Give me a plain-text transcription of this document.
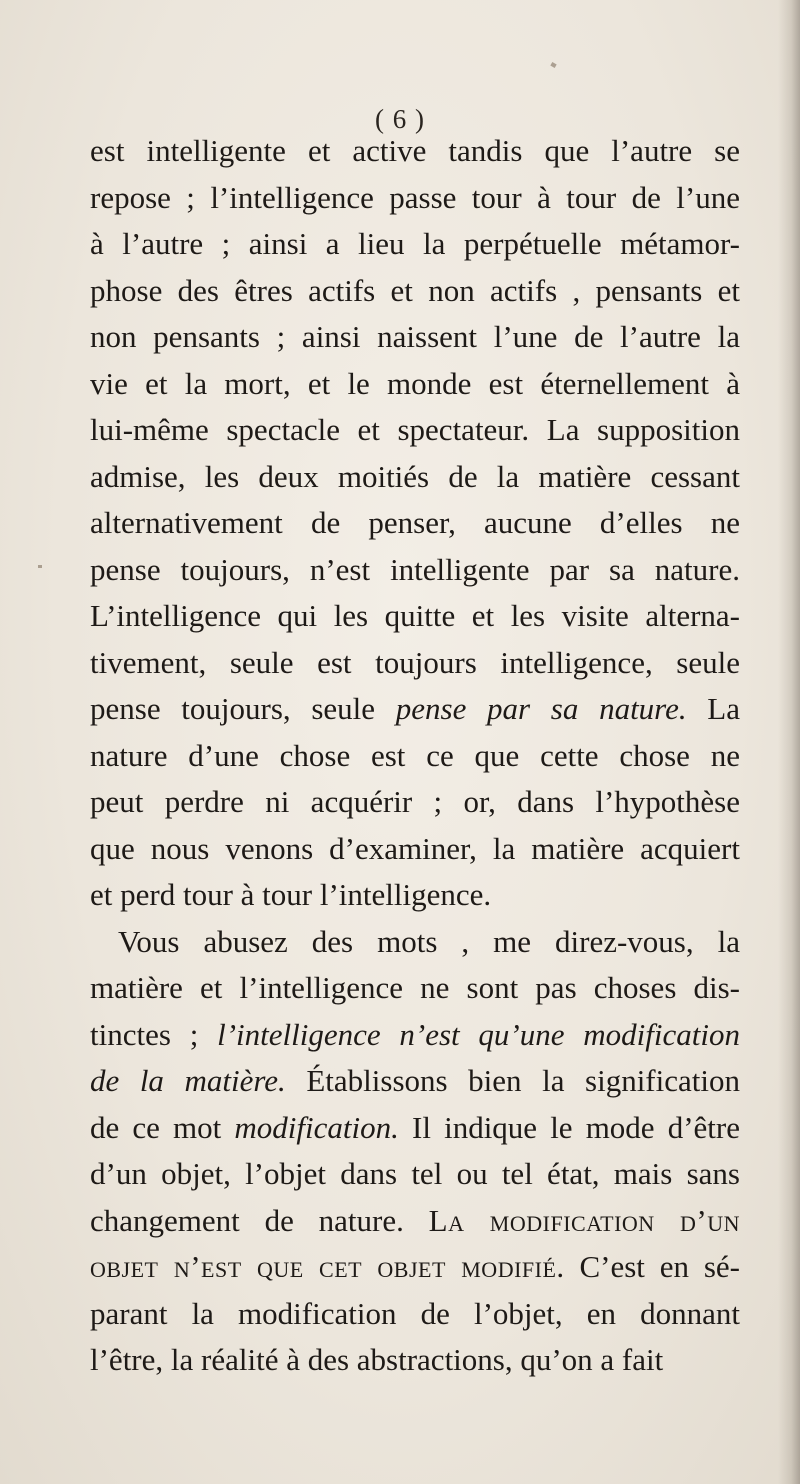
( 6 )
est intelligente et active tandis que l’autre se
repose ; l’intelligence passe tour à tour de l’une
à l’autre ; ainsi a lieu la perpétuelle métamor-
phose des êtres actifs et non actifs , pensants et
non pensants ; ainsi naissent l’une de l’autre la
vie et la mort, et le monde est éternellement à
lui-même spectacle et spectateur. La supposition
admise, les deux moitiés de la matière cessant
alternativement de penser, aucune d’elles ne
pense toujours, n’est intelligente par sa nature.
L’intelligence qui les quitte et les visite alterna-
tivement, seule est toujours intelligence, seule
pense toujours, seule pense par sa nature. La
nature d’une chose est ce que cette chose ne
peut perdre ni acquérir ; or, dans l’hypothèse
que nous venons d’examiner, la matière acquiert
et perd tour à tour l’intelligence.
Vous abusez des mots , me direz-vous, la
matière et l’intelligence ne sont pas choses dis-
tinctes ; l’intelligence n’est qu’une modification
de la matière. Établissons bien la signification
de ce mot modification. Il indique le mode d’être
d’un objet, l’objet dans tel ou tel état, mais sans
changement de nature. La modification d’un
objet n’est que cet objet modifié. C’est en sé-
parant la modification de l’objet, en donnant
l’être, la réalité à des abstractions, qu’on a fait
